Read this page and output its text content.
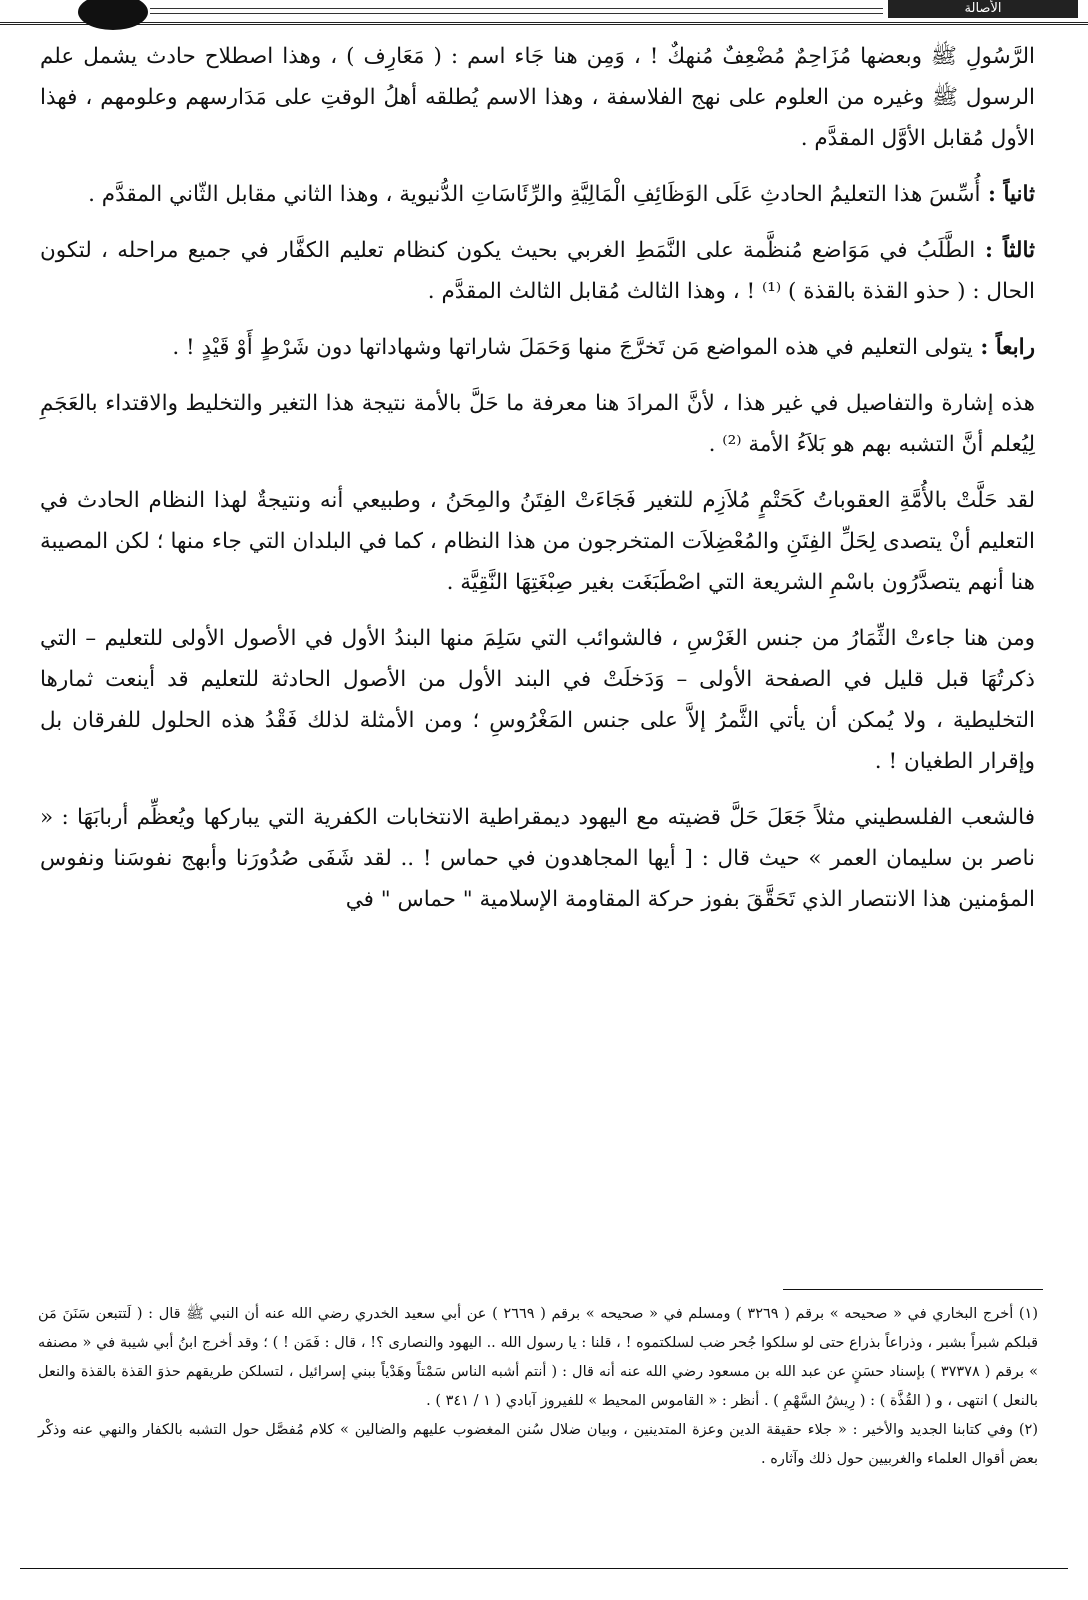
الأصالة

الرَّسُولِ ﷺ وبعضها مُزَاحِمٌ مُضْعِفٌ مُنهكٌ ! ، وَمِن هنا جَاء اسم : ( مَعَارِف ) ، وهذا اصطلاح حادث يشمل علم الرسول ﷺ وغيره من العلوم على نهج الفلاسفة ، وهذا الاسم يُطلقه أهلُ الوقتِ على مَدَارسهم وعلومهم ، فهذا الأول مُقابل الأوَّل المقدَّم .

ثانياً : أُسِّسَ هذا التعليمُ الحادثِ عَلَى الوَظَائِفِ الْمَالِيَّةِ والرِّئَاسَاتِ الدُّنيوية ، وهذا الثاني مقابل الثّاني المقدَّم .

ثالثاً : الطَّلَبُ في مَوَاضع مُنظَّمة على النَّمَطِ الغربي بحيث يكون كنظام تعليم الكفَّار في جميع مراحله ، لتكون الحال : ( حذو القذة بالقذة ) ⁽¹⁾ ! ، وهذا الثالث مُقابل الثالث المقدَّم .

رابعاً : يتولى التعليم في هذه المواضع مَن تَخرَّجَ منها وَحَمَلَ شاراتها وشهاداتها دون شَرْطٍ أَوْ قَيْدٍ ! .

هذه إشارة والتفاصيل في غير هذا ، لأنَّ المرادَ هنا معرفة ما حَلَّ بالأمة نتيجة هذا التغير والتخليط والاقتداء بالعَجَمِ لِيُعلم أنَّ التشبه بهم هو بَلاَءُ الأمة ⁽²⁾ .

لقد حَلَّتْ بالأُمَّةِ العقوباتُ كَحَتْمٍ مُلاَزِم للتغير فَجَاءَتْ الفِتَنُ والمِحَنُ ، وطبيعي أنه ونتيجةٌ لهذا النظام الحادث في التعليم أنْ يتصدى لِحَلِّ الفِتَنِ والمُعْضِلاَت المتخرجون من هذا النظام ، كما في البلدان التي جاء منها ؛ لكن المصيبة هنا أنهم يتصدَّرُون باسْمِ الشريعة التي اصْطَبَغَت بغير صِبْغَتِهَا النَّقِيَّة .

ومن هنا جاءتْ الثِّمَارُ من جنس الغَرْسِ ، فالشوائب التي سَلِمَ منها البندُ الأول في الأصول الأولى للتعليم – التي ذكرتُهَا قبل قليل في الصفحة الأولى – وَدَخلَتْ في البند الأول من الأصول الحادثة للتعليم قد أينعت ثمارها التخليطية ، ولا يُمكن أن يأتي الثَّمرُ إلاَّ على جنس المَغْرُوسِ ؛ ومن الأمثلة لذلك فَقْدُ هذه الحلول للفرقان بل وإقرار الطغيان ! .

فالشعب الفلسطيني مثلاً جَعَلَ حَلَّ قضيته مع اليهود ديمقراطية الانتخابات الكفرية التي يباركها ويُعظِّم أربابَهَا : « ناصر بن سليمان العمر » حيث قال : [ أيها المجاهدون في حماس ! .. لقد شَفَى صُدُورَنا وأبهج نفوسَنا ونفوس المؤمنين هذا الانتصار الذي تَحَقَّقَ بفوز حركة المقاومة الإسلامية " حماس " في

(١) أخرج البخاري في « صحيحه » برقم ( ٣٢٦٩ ) ومسلم في « صحيحه » برقم ( ٢٦٦٩ ) عن أبي سعيد الخدري رضي الله عنه أن النبي ﷺ قال : ( لَتتبعن سَنَنَ مَن قبلكم شبراً بشبر ، وذراعاً بذراع حتى لو سلكوا جُحر ضب لسلكتموه ! ، قلنا : يا رسول الله .. اليهود والنصارى ؟! ، قال : فَمَن ! ) ؛ وقد أخرج ابنُ أبي شيبة في « مصنفه » برقم ( ٣٧٣٧٨ ) بإسناد حسَنٍ عن عبد الله بن مسعود رضي الله عنه أنه قال : ( أنتم أشبه الناس سَمْتاً وهَدْياً ببني إسرائيل ، لتسلكن طريقهم حذوَ القذة بالقذة والنعل بالنعل ) انتهى ، و ( القُذَّة ) : ( رِيشُ السَّهْمِ ) . أنظر : « القاموس المحيط » للفيروز آبادي ( ١ / ٣٤١ ) .

(٢) وفي كتابنا الجديد والأخير : « جلاء حقيقة الدين وعزة المتدينين ، وبيان ضلال سُنن المغضوب عليهم والضالين » كلام مُفصَّل حول التشبه بالكفار والنهي عنه وذكْر بعض أقوال العلماء والغربيين حول ذلك وآثاره .
